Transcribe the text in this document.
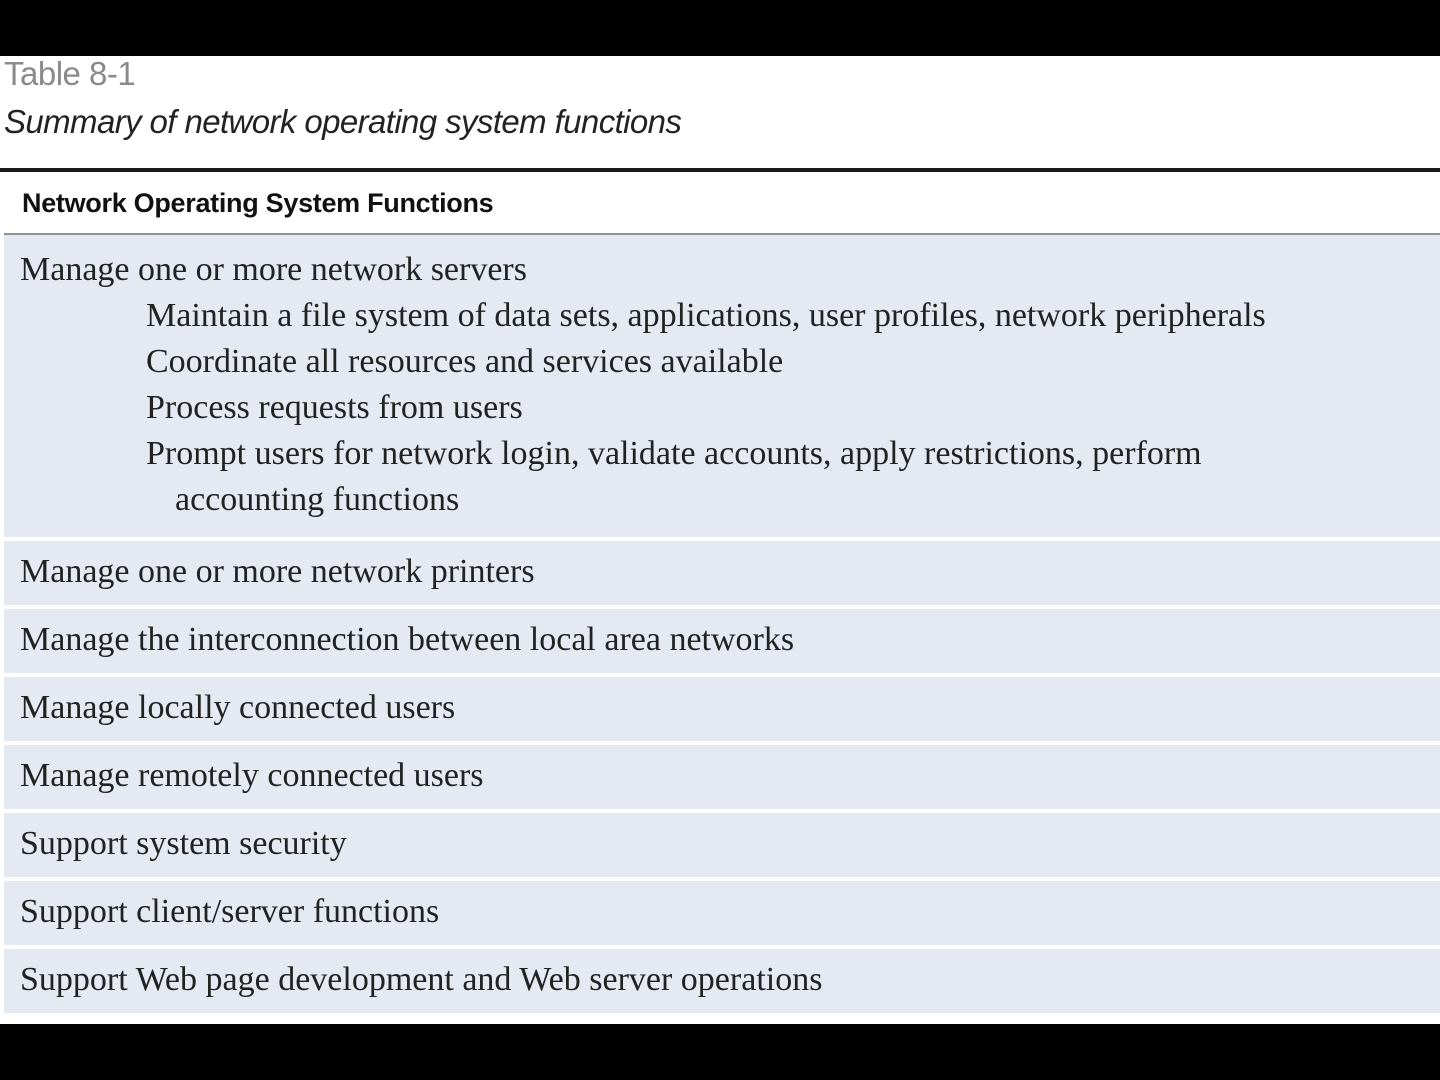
Table 8-1
Summary of network operating system functions
Network Operating System Functions
Manage one or more network servers
Maintain a file system of data sets, applications, user profiles, network peripherals
Coordinate all resources and services available
Process requests from users
Prompt users for network login, validate accounts, apply restrictions, perform
accounting functions
Manage one or more network printers
Manage the interconnection between local area networks
Manage locally connected users
Manage remotely connected users
Support system security
Support client/server functions
Support Web page development and Web server operations
